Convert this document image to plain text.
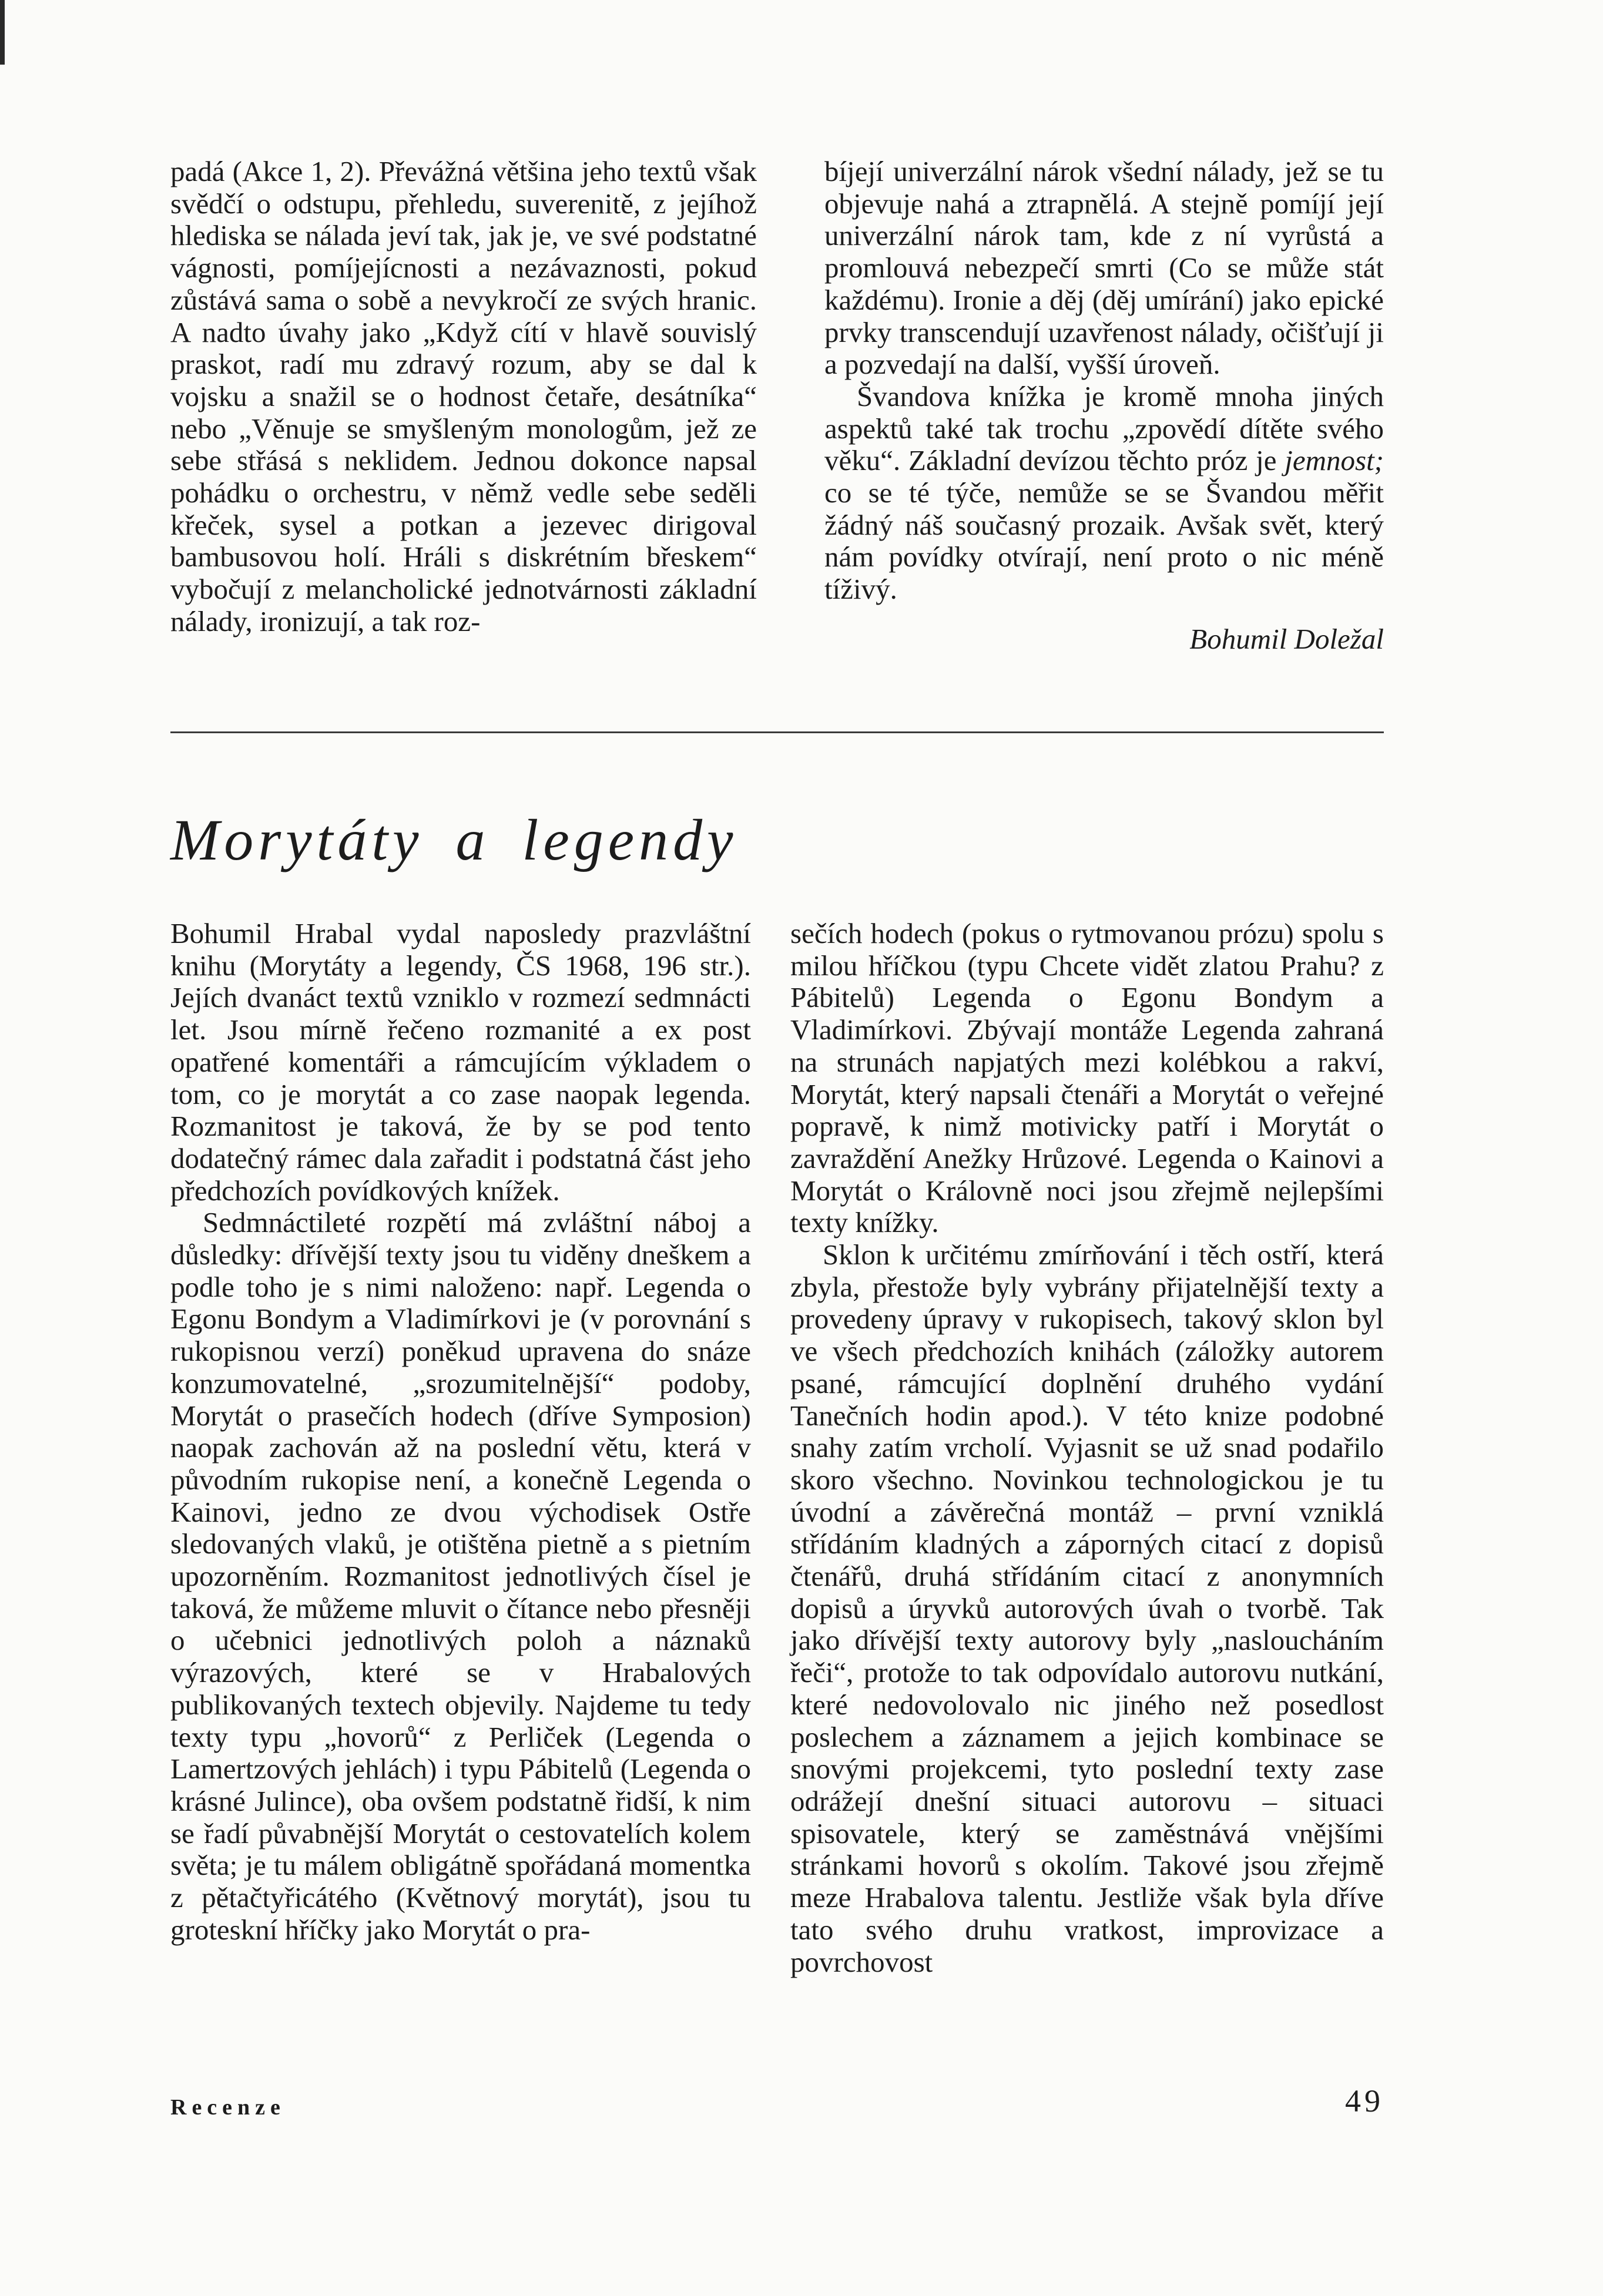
padá (Akce 1, 2). Převážná většina jeho textů však svědčí o odstupu, přehledu, suverenitě, z jejíhož hlediska se nálada jeví tak, jak je, ve své podstatné vágnosti, pomíjejícnosti a nezávaznosti, pokud zůstává sama o sobě a nevykročí ze svých hranic. A nadto úvahy jako „Když cítí v hlavě souvislý praskot, radí mu zdravý rozum, aby se dal k vojsku a snažil se o hodnost četaře, desátníka“ nebo „Věnuje se smyšleným monologům, jež ze sebe střásá s neklidem. Jednou dokonce napsal pohádku o orchestru, v němž vedle sebe seděli křeček, sysel a potkan a jezevec dirigoval bambusovou holí. Hráli s diskrétním břeskem“ vybočují z melancholické jednotvárnosti základní nálady, ironizují, a tak roz-

bíjejí univerzální nárok všední nálady, jež se tu objevuje nahá a ztrapnělá. A stejně pomíjí její univerzální nárok tam, kde z ní vyrůstá a promlouvá nebezpečí smrti (Co se může stát každému). Ironie a děj (děj umírání) jako epické prvky transcendují uzavřenost nálady, očišťují ji a pozvedají na další, vyšší úroveň.

Švandova knížka je kromě mnoha jiných aspektů také tak trochu „zpovědí dítěte svého věku“. Základní devízou těchto próz je jemnost; co se té týče, nemůže se se Švandou měřit žádný náš současný prozaik. Avšak svět, který nám povídky otvírají, není proto o nic méně tíživý.

Bohumil Doležal

Morytáty a legendy

Bohumil Hrabal vydal naposledy prazvláštní knihu (Morytáty a legendy, ČS 1968, 196 str.). Jejích dvanáct textů vzniklo v rozmezí sedmnácti let. Jsou mírně řečeno rozmanité a ex post opatřené komentáři a rámcujícím výkladem o tom, co je morytát a co zase naopak legenda. Rozmanitost je taková, že by se pod tento dodatečný rámec dala zařadit i podstatná část jeho předchozích povídkových knížek.

Sedmnáctileté rozpětí má zvláštní náboj a důsledky: dřívější texty jsou tu viděny dneškem a podle toho je s nimi naloženo: např. Legenda o Egonu Bondym a Vladimírkovi je (v porovnání s rukopisnou verzí) poněkud upravena do snáze konzumovatelné, „srozumitelnější“ podoby, Morytát o prasečích hodech (dříve Symposion) naopak zachován až na poslední větu, která v původním rukopise není, a konečně Legenda o Kainovi, jedno ze dvou východisek Ostře sledovaných vlaků, je otištěna pietně a s pietním upozorněním. Rozmanitost jednotlivých čísel je taková, že můžeme mluvit o čítance nebo přesněji o učebnici jednotlivých poloh a náznaků výrazových, které se v Hrabalových publikovaných textech objevily. Najdeme tu tedy texty typu „hovorů“ z Perliček (Legenda o Lamertzových jehlách) i typu Pábitelů (Legenda o krásné Julince), oba ovšem podstatně řidší, k nim se řadí půvabnější Morytát o cestovatelích kolem světa; je tu málem obligátně spořádaná momentka z pětačtyřicátého (Květnový morytát), jsou tu groteskní hříčky jako Morytát o pra-

sečích hodech (pokus o rytmovanou prózu) spolu s milou hříčkou (typu Chcete vidět zlatou Prahu? z Pábitelů) Legenda o Egonu Bondym a Vladimírkovi. Zbývají montáže Legenda zahraná na strunách napjatých mezi kolébkou a rakví, Morytát, který napsali čtenáři a Morytát o veřejné popravě, k nimž motivicky patří i Morytát o zavraždění Anežky Hrůzové. Legenda o Kainovi a Morytát o Královně noci jsou zřejmě nejlepšími texty knížky.

Sklon k určitému zmírňování i těch ostří, která zbyla, přestože byly vybrány přijatelnější texty a provedeny úpravy v rukopisech, takový sklon byl ve všech předchozích knihách (záložky autorem psané, rámcující doplnění druhého vydání Tanečních hodin apod.). V této knize podobné snahy zatím vrcholí. Vyjasnit se už snad podařilo skoro všechno. Novinkou technologickou je tu úvodní a závěrečná montáž – první vzniklá střídáním kladných a záporných citací z dopisů čtenářů, druhá střídáním citací z anonymních dopisů a úryvků autorových úvah o tvorbě. Tak jako dřívější texty autorovy byly „nasloucháním řeči“, protože to tak odpovídalo autorovu nutkání, které nedovolovalo nic jiného než posedlost poslechem a záznamem a jejich kombinace se snovými projekcemi, tyto poslední texty zase odrážejí dnešní situaci autorovu – situaci spisovatele, který se zaměstnává vnějšími stránkami hovorů s okolím. Takové jsou zřejmě meze Hrabalova talentu. Jestliže však byla dříve tato svého druhu vratkost, improvizace a povrchovost

Recenze	49
